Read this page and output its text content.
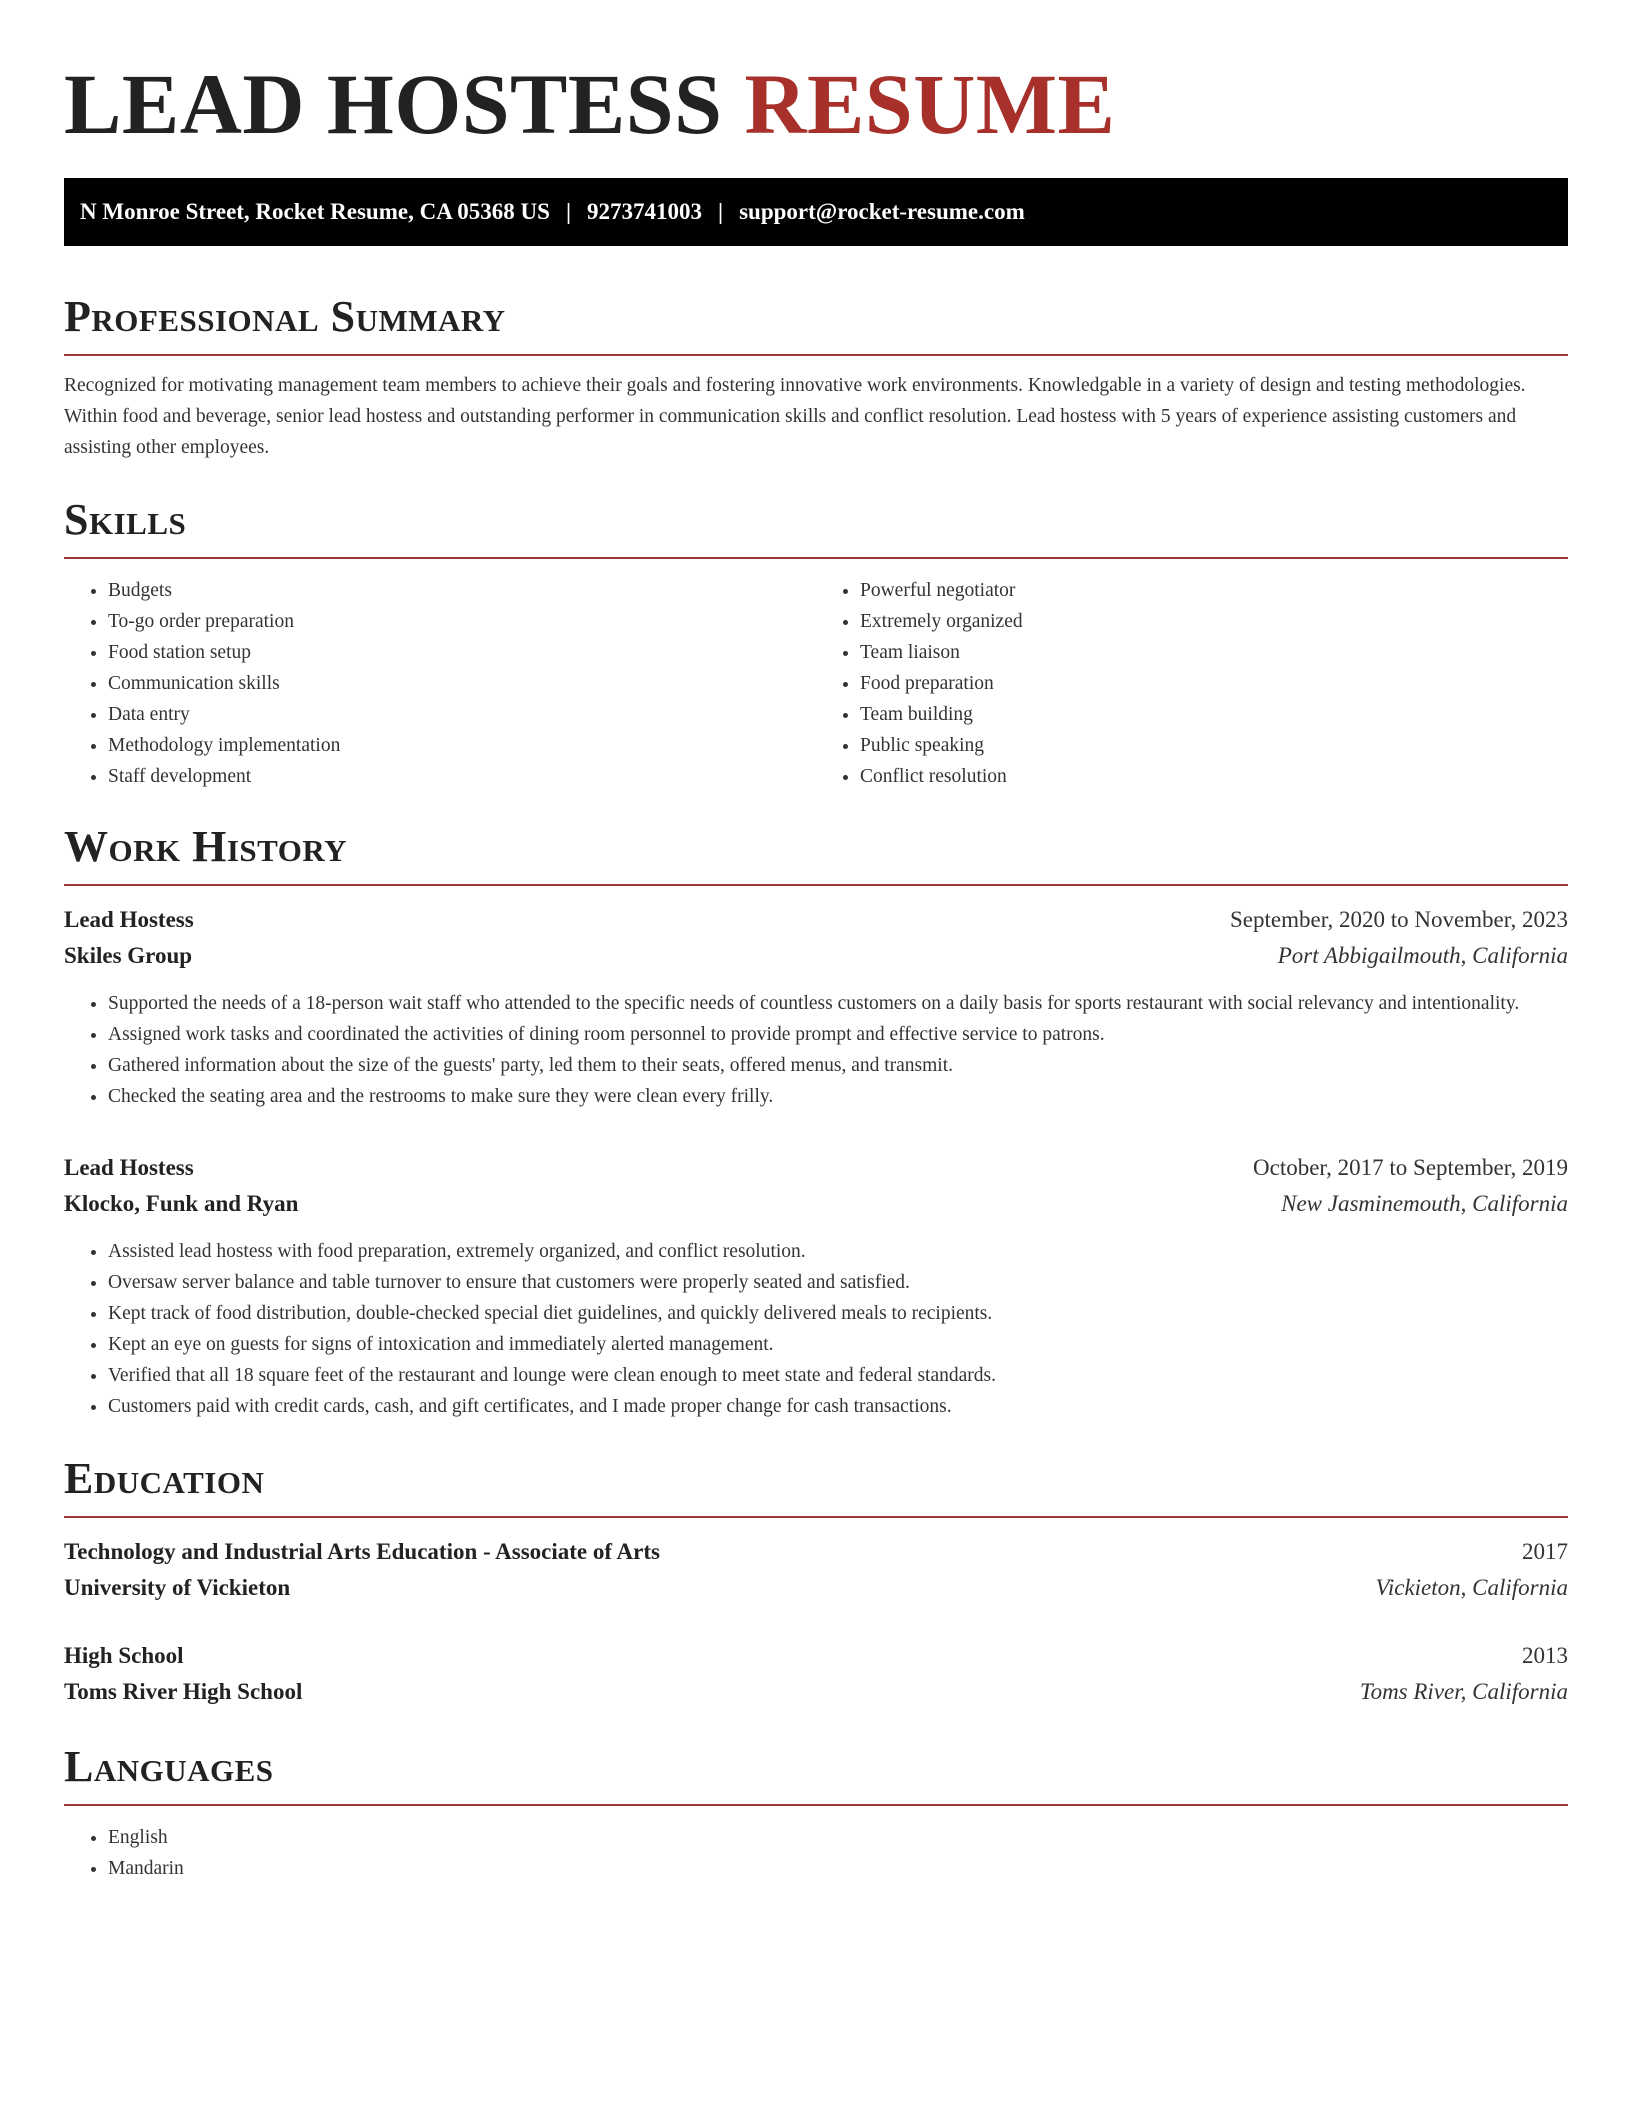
LEAD HOSTESS RESUME
N Monroe Street, Rocket Resume, CA 05368 US | 9273741003 | support@rocket-resume.com
Professional Summary

Recognized for motivating management team members to achieve their goals and fostering innovative work environments. Knowledgable in a variety of design and testing methodologies. Within food and beverage, senior lead hostess and outstanding performer in communication skills and conflict resolution. Lead hostess with 5 years of experience assisting customers and assisting other employees.

Skills
• Budgets
• To-go order preparation
• Food station setup
• Communication skills
• Data entry
• Methodology implementation
• Staff development
• Powerful negotiator
• Extremely organized
• Team liaison
• Food preparation
• Team building
• Public speaking
• Conflict resolution
Work History
Lead Hostess	September, 2020 to November, 2023
Skiles Group	Port Abbigailmouth, California
• Supported the needs of a 18-person wait staff who attended to the specific needs of countless customers on a daily basis for sports restaurant with social relevancy and intentionality.
• Assigned work tasks and coordinated the activities of dining room personnel to provide prompt and effective service to patrons.
• Gathered information about the size of the guests' party, led them to their seats, offered menus, and transmit.
• Checked the seating area and the restrooms to make sure they were clean every frilly.
Lead Hostess	October, 2017 to September, 2019
Klocko, Funk and Ryan	New Jasminemouth, California
• Assisted lead hostess with food preparation, extremely organized, and conflict resolution.
• Oversaw server balance and table turnover to ensure that customers were properly seated and satisfied.
• Kept track of food distribution, double-checked special diet guidelines, and quickly delivered meals to recipients.
• Kept an eye on guests for signs of intoxication and immediately alerted management.
• Verified that all 18 square feet of the restaurant and lounge were clean enough to meet state and federal standards.
• Customers paid with credit cards, cash, and gift certificates, and I made proper change for cash transactions.
Education
Technology and Industrial Arts Education - Associate of Arts	2017
University of Vickieton	Vickieton, California
High School	2013
Toms River High School	Toms River, California
Languages
• English
• Mandarin
